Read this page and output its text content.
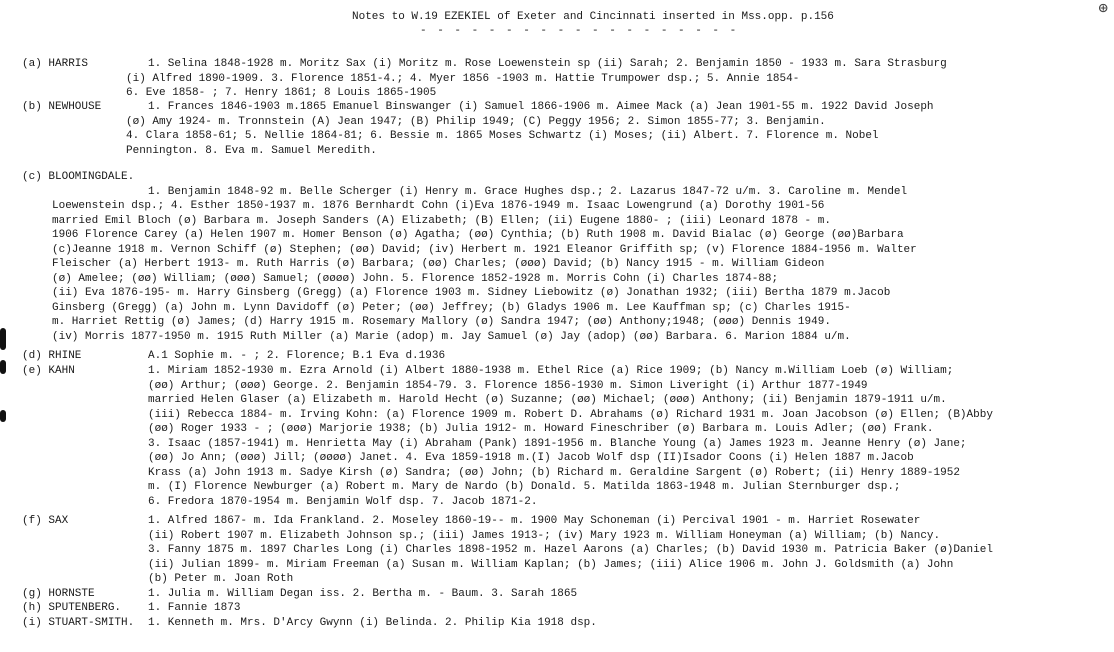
Notes to W.19 EZEKIEL of Exeter and Cincinnati inserted in Mss.opp. p.156
- - - - - - - - - - - - - - - - - - -
⊕
(a) HARRIS	1. Selina 1848-1928 m. Moritz Sax (i) Moritz m. Rose Loewenstein sp (ii) Sarah; 2. Benjamin 1850 - 1933 m. Sara Strasburg
(i) Alfred 1890-1909. 3. Florence 1851-4.; 4. Myer 1856 -1903 m. Hattie Trumpower dsp.; 5. Annie 1854-
6. Eve 1858- ; 7. Henry 1861; 8 Louis 1865-1905
(b) NEWHOUSE	1. Frances 1846-1903 m.1865 Emanuel Binswanger (i) Samuel 1866-1906 m. Aimee Mack (a) Jean 1901-55 m. 1922 David Joseph
(ø) Amy 1924- m. Tronnstein (A) Jean 1947; (B) Philip 1949; (C) Peggy 1956; 2. Simon 1855-77; 3. Benjamin.
4. Clara 1858-61; 5. Nellie 1864-81; 6. Bessie m. 1865 Moses Schwartz (i) Moses; (ii) Albert. 7. Florence m. Nobel
Pennington. 8. Eva m. Samuel Meredith.
(c) BLOOMINGDALE.
1. Benjamin 1848-92 m. Belle Scherger (i) Henry m. Grace Hughes dsp.; 2. Lazarus 1847-72 u/m. 3. Caroline m. Mendel
Loewenstein dsp.; 4. Esther 1850-1937 m. 1876 Bernhardt Cohn (i)Eva 1876-1949 m. Isaac Lowengrund (a) Dorothy 1901-56
married Emil Bloch (ø) Barbara m. Joseph Sanders (A) Elizabeth; (B) Ellen; (ii) Eugene 1880- ; (iii) Leonard 1878 - m.
1906 Florence Carey (a) Helen 1907 m. Homer Benson (ø) Agatha; (øø) Cynthia; (b) Ruth 1908 m. David Bialac (ø) George (øø)Barbara
(c)Jeanne 1918 m. Vernon Schiff (ø) Stephen; (øø) David; (iv) Herbert m. 1921 Eleanor Griffith sp; (v) Florence 1884-1956 m. Walter
Fleischer (a) Herbert 1913- m. Ruth Harris (ø) Barbara; (øø) Charles; (øøø) David; (b) Nancy 1915 - m. William Gideon
(ø) Amelee; (øø) William; (øøø) Samuel; (øøøø) John. 5. Florence 1852-1928 m. Morris Cohn (i) Charles 1874-88;
(ii) Eva 1876-195- m. Harry Ginsberg (Gregg) (a) Florence 1903 m. Sidney Liebowitz (ø) Jonathan 1932; (iii) Bertha 1879 m.Jacob
Ginsberg (Gregg) (a) John m. Lynn Davidoff (ø) Peter; (øø) Jeffrey; (b) Gladys 1906 m. Lee Kauffman sp; (c) Charles 1915-
m. Harriet Rettig (ø) James; (d) Harry 1915 m. Rosemary Mallory (ø) Sandra 1947; (øø) Anthony;1948; (øøø) Dennis 1949.
(iv) Morris 1877-1950 m. 1915 Ruth Miller (a) Marie (adop) m. Jay Samuel (ø) Jay (adop) (øø) Barbara. 6. Marion 1884 u/m.
(d) RHINE	A.1 Sophie m. - ; 2. Florence; B.1 Eva d.1936
(e) KAHN	1. Miriam 1852-1930 m. Ezra Arnold (i) Albert 1880-1938 m. Ethel Rice (a) Rice 1909; (b) Nancy m.William Loeb (ø) William;
(øø) Arthur; (øøø) George. 2. Benjamin 1854-79. 3. Florence 1856-1930 m. Simon Liveright (i) Arthur 1877-1949
married Helen Glaser (a) Elizabeth m. Harold Hecht (ø) Suzanne; (øø) Michael; (øøø) Anthony; (ii) Benjamin 1879-1911 u/m.
(iii) Rebecca 1884- m. Irving Kohn: (a) Florence 1909 m. Robert D. Abrahams (ø) Richard 1931 m. Joan Jacobson (ø) Ellen; (B)Abby
(øø) Roger 1933 - ; (øøø) Marjorie 1938; (b) Julia 1912- m. Howard Fineschriber (ø) Barbara m. Louis Adler; (øø) Frank.
3. Isaac (1857-1941) m. Henrietta May (i) Abraham (Pank) 1891-1956 m. Blanche Young (a) James 1923 m. Jeanne Henry (ø) Jane;
(øø) Jo Ann; (øøø) Jill; (øøøø) Janet. 4. Eva 1859-1918 m.(I) Jacob Wolf dsp (II)Isador Coons (i) Helen 1887 m.Jacob
Krass (a) John 1913 m. Sadye Kirsh (ø) Sandra; (øø) John; (b) Richard m. Geraldine Sargent (ø) Robert; (ii) Henry 1889-1952
m. (I) Florence Newburger (a) Robert m. Mary de Nardo (b) Donald. 5. Matilda 1863-1948 m. Julian Sternburger dsp.;
6. Fredora 1870-1954 m. Benjamin Wolf dsp. 7. Jacob 1871-2.
(f) SAX	1. Alfred 1867- m. Ida Frankland. 2. Moseley 1860-19-- m. 1900 May Schoneman (i) Percival 1901 - m. Harriet Rosewater
(ii) Robert 1907 m. Elizabeth Johnson sp.; (iii) James 1913-; (iv) Mary 1923 m. William Honeyman (a) William; (b) Nancy.
3. Fanny 1875 m. 1897 Charles Long (i) Charles 1898-1952 m. Hazel Aarons (a) Charles; (b) David 1930 m. Patricia Baker (ø)Daniel
(ii) Julian 1899- m. Miriam Freeman (a) Susan m. William Kaplan; (b) James; (iii) Alice 1906 m. John J. Goldsmith (a) John
(b) Peter m. Joan Roth
(g) HORNSTE	1. Julia m. William Degan iss. 2. Bertha m. - Baum. 3. Sarah 1865
(h) SPUTENBERG.	1. Fannie 1873
(i) STUART-SMITH.	1. Kenneth m. Mrs. D'Arcy Gwynn (i) Belinda. 2. Philip Kia 1918 dsp.
